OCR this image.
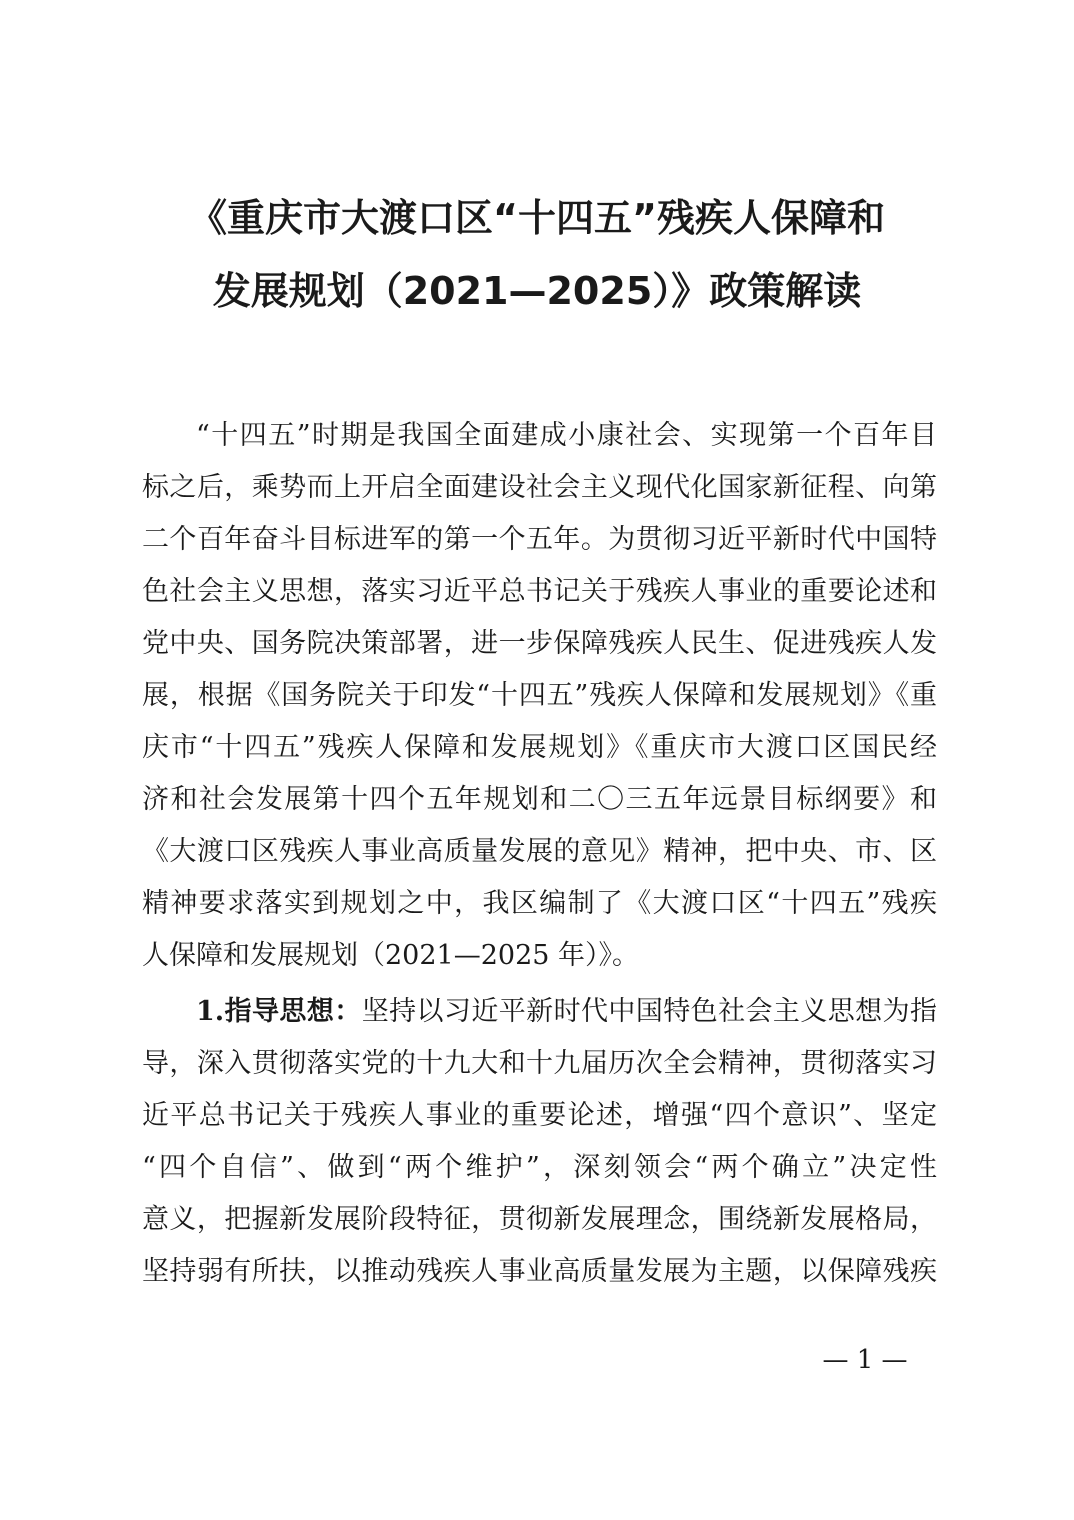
《重庆市大渡口区“十四五”残疾人保障和
发展规划（2021—2025）》政策解读
“十四五”时期是我国全面建成小康社会、实现第一个百年目
标之后，乘势而上开启全面建设社会主义现代化国家新征程、向第
二个百年奋斗目标进军的第一个五年。为贯彻习近平新时代中国特
色社会主义思想，落实习近平总书记关于残疾人事业的重要论述和
党中央、国务院决策部署，进一步保障残疾人民生、促进残疾人发
展，根据《国务院关于印发“十四五”残疾人保障和发展规划》《重
庆市“十四五”残疾人保障和发展规划》《重庆市大渡口区国民经
济和社会发展第十四个五年规划和二〇三五年远景目标纲要》和
《大渡口区残疾人事业高质量发展的意见》精神，把中央、市、区
精神要求落实到规划之中，我区编制了《大渡口区“十四五”残疾
人保障和发展规划（2021—2025 年）》。
1.指导思想：坚持以习近平新时代中国特色社会主义思想为指
导，深入贯彻落实党的十九大和十九届历次全会精神，贯彻落实习
近平总书记关于残疾人事业的重要论述，增强“四个意识”、坚定
“四个自信”、做到“两个维护”，深刻领会“两个确立”决定性
意义，把握新发展阶段特征，贯彻新发展理念，围绕新发展格局，
坚持弱有所扶，以推动残疾人事业高质量发展为主题，以保障残疾
— 1 —
